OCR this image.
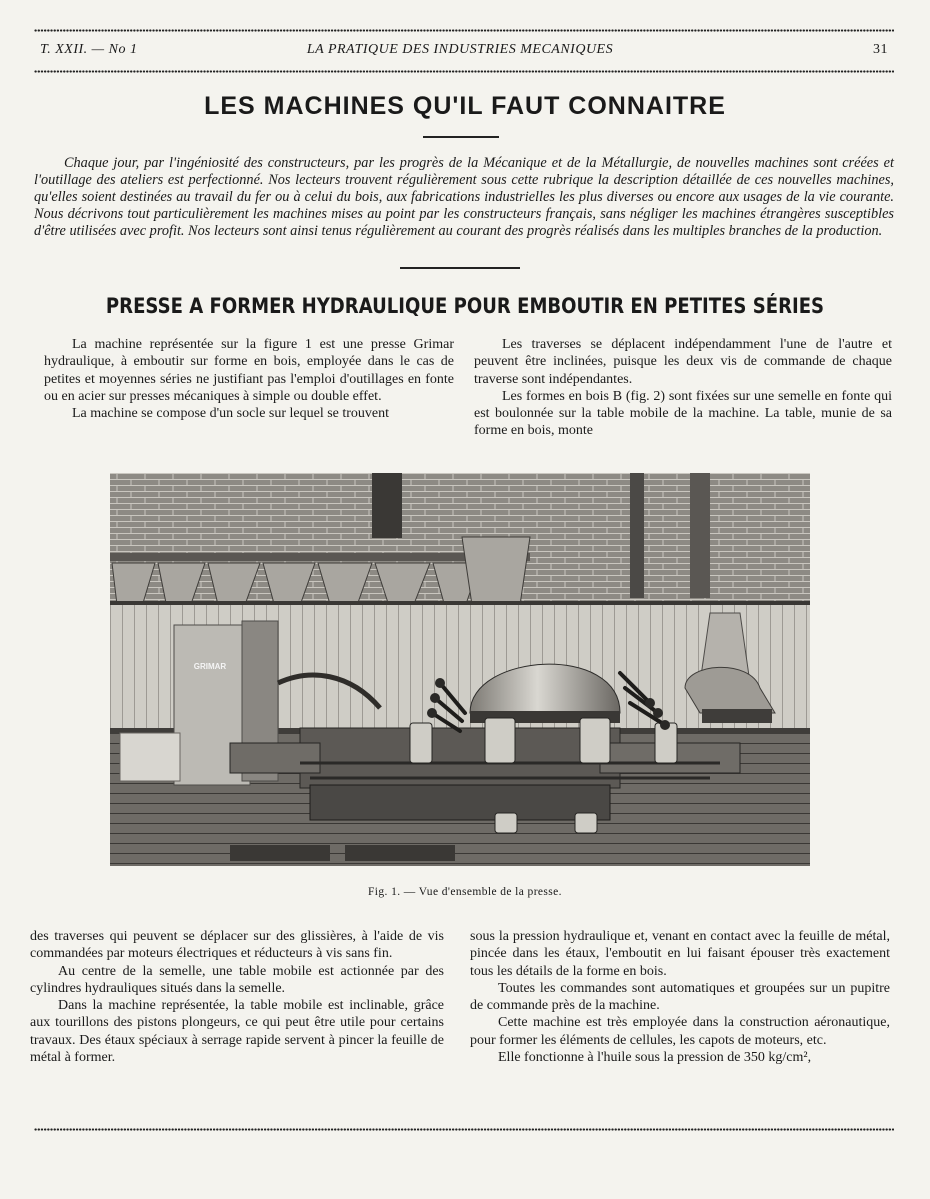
T. XXII. — No 1	LA PRATIQUE DES INDUSTRIES MECANIQUES	31
LES MACHINES QU'IL FAUT CONNAITRE

Chaque jour, par l'ingéniosité des constructeurs, par les progrès de la Mécanique et de la Métallurgie, de nouvelles machines sont créées et l'outillage des ateliers est perfectionné. Nos lecteurs trouvent régulièrement sous cette rubrique la description détaillée de ces nouvelles machines, qu'elles soient destinées au travail du fer ou à celui du bois, aux fabrications industrielles les plus diverses ou encore aux usages de la vie courante. Nous décrivons tout particulièrement les machines mises au point par les constructeurs français, sans négliger les machines étrangères susceptibles d'être utilisées avec profit. Nos lecteurs sont ainsi tenus régulièrement au courant des progrès réalisés dans les multiples branches de la production.

PRESSE A FORMER HYDRAULIQUE POUR EMBOUTIR EN PETITES SÉRIES

La machine représentée sur la figure 1 est une presse Grimar hydraulique, à emboutir sur forme en bois, employée dans le cas de petites et moyennes séries ne justifiant pas l'emploi d'outillages en fonte ou en acier sur presses mécaniques à simple ou double effet.

La machine se compose d'un socle sur lequel se trouvent

Les traverses se déplacent indépendamment l'une de l'autre et peuvent être inclinées, puisque les deux vis de commande de chaque traverse sont indépendantes.

Les formes en bois B (fig. 2) sont fixées sur une semelle en fonte qui est boulonnée sur la table mobile de la machine. La table, munie de sa forme en bois, monte

GRIMAR
Fig. 1. — Vue d'ensemble de la presse.

des traverses qui peuvent se déplacer sur des glissières, à l'aide de vis commandées par moteurs électriques et réducteurs à vis sans fin.

Au centre de la semelle, une table mobile est actionnée par des cylindres hydrauliques situés dans la semelle.

Dans la machine représentée, la table mobile est inclinable, grâce aux tourillons des pistons plongeurs, ce qui peut être utile pour certains travaux. Des étaux spéciaux à serrage rapide servent à pincer la feuille de métal à former.

sous la pression hydraulique et, venant en contact avec la feuille de métal, pincée dans les étaux, l'emboutit en lui faisant épouser très exactement tous les détails de la forme en bois.

Toutes les commandes sont automatiques et groupées sur un pupitre de commande près de la machine.

Cette machine est très employée dans la construction aéronautique, pour former les éléments de cellules, les capots de moteurs, etc.

Elle fonctionne à l'huile sous la pression de 350 kg/cm²,
